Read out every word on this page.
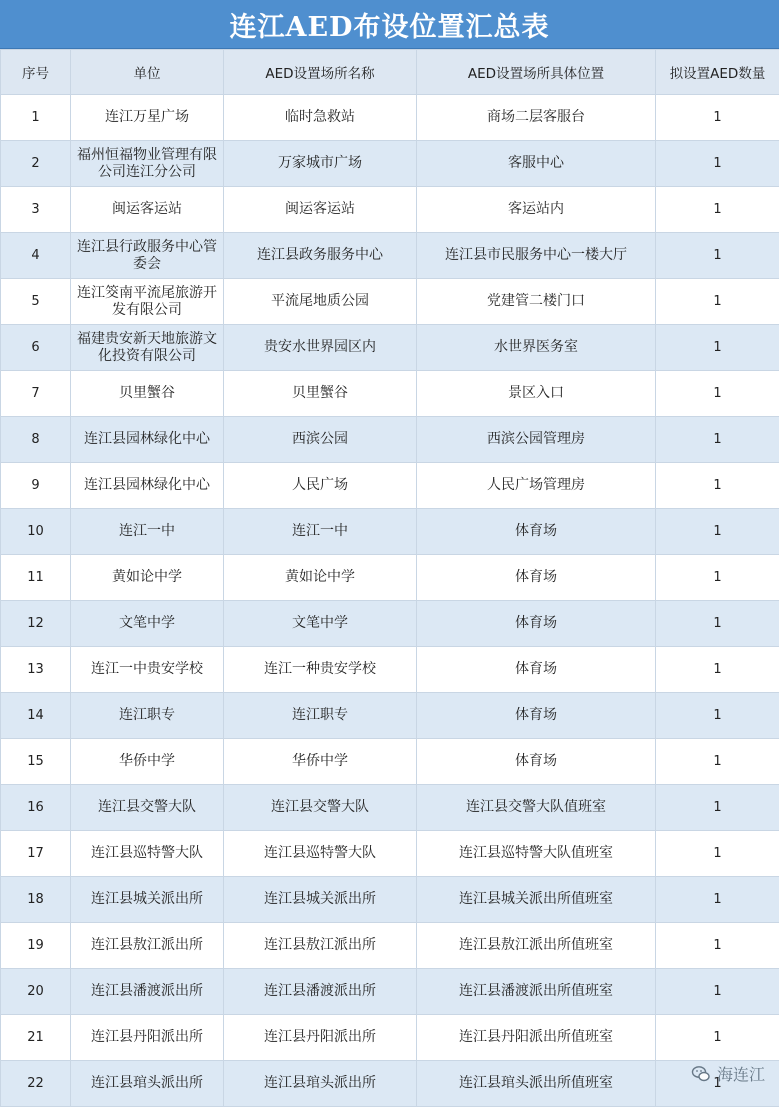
连江AED布设位置汇总表
序号	单位	AED设置场所名称	AED设置场所具体位置	拟设置AED数量
1	连江万星广场	临时急救站	商场二层客服台	1
2	福州恒福物业管理有限公司连江分公司	万家城市广场	客服中心	1
3	闽运客运站	闽运客运站	客运站内	1
4	连江县行政服务中心管委会	连江县政务服务中心	连江县市民服务中心一楼大厅	1
5	连江筊南平流尾旅游开发有限公司	平流尾地质公园	党建管二楼门口	1
6	福建贵安新天地旅游文化投资有限公司	贵安水世界园区内	水世界医务室	1
7	贝里蟹谷	贝里蟹谷	景区入口	1
8	连江县园林绿化中心	西滨公园	西滨公园管理房	1
9	连江县园林绿化中心	人民广场	人民广场管理房	1
10	连江一中	连江一中	体育场	1
11	黄如论中学	黄如论中学	体育场	1
12	文笔中学	文笔中学	体育场	1
13	连江一中贵安学校	连江一种贵安学校	体育场	1
14	连江职专	连江职专	体育场	1
15	华侨中学	华侨中学	体育场	1
16	连江县交警大队	连江县交警大队	连江县交警大队值班室	1
17	连江县巡特警大队	连江县巡特警大队	连江县巡特警大队值班室	1
18	连江县城关派出所	连江县城关派出所	连江县城关派出所值班室	1
19	连江县敖江派出所	连江县敖江派出所	连江县敖江派出所值班室	1
20	连江县潘渡派出所	连江县潘渡派出所	连江县潘渡派出所值班室	1
21	连江县丹阳派出所	连江县丹阳派出所	连江县丹阳派出所值班室	1
22	连江县琯头派出所	连江县琯头派出所	连江县琯头派出所值班室	1
海连江
